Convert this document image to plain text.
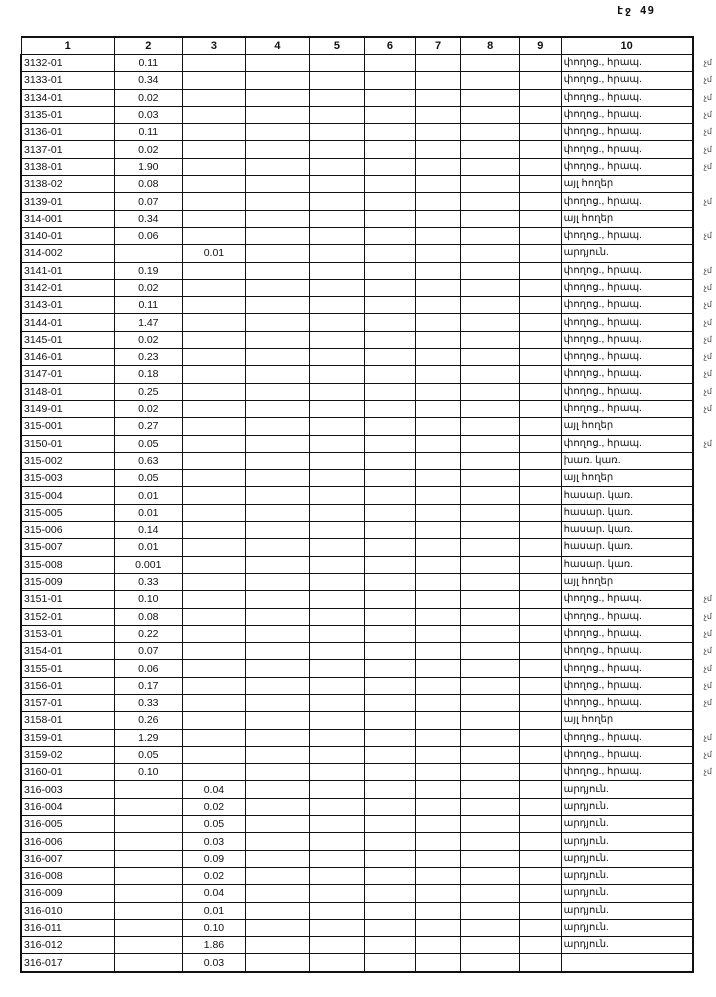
էջ 49
1	2	3	4	5	6	7	8	9	10	
3132-01	0.11								փողոց., հրապ.	չմ
3133-01	0.34								փողոց., հրապ.	չմ
3134-01	0.02								փողոց., հրապ.	չմ
3135-01	0.03								փողոց., հրապ.	չմ
3136-01	0.11								փողոց., հրապ.	չմ
3137-01	0.02								փողոց., հրապ.	չմ
3138-01	1.90								փողոց., հրապ.	չմ
3138-02	0.08								այլ հողեր	
3139-01	0.07								փողոց., հրապ.	չմ
314-001	0.34								այլ հողեր	
3140-01	0.06								փողոց., հրապ.	չմ
314-002		0.01							արդյուն.	
3141-01	0.19								փողոց., հրապ.	չմ
3142-01	0.02								փողոց., հրապ.	չմ
3143-01	0.11								փողոց., հրապ.	չմ
3144-01	1.47								փողոց., հրապ.	չմ
3145-01	0.02								փողոց., հրապ.	չմ
3146-01	0.23								փողոց., հրապ.	չմ
3147-01	0.18								փողոց., հրապ.	չմ
3148-01	0.25								փողոց., հրապ.	չմ
3149-01	0.02								փողոց., հրապ.	չմ
315-001	0.27								այլ հողեր	
3150-01	0.05								փողոց., հրապ.	չմ
315-002	0.63								խառ. կառ.	
315-003	0.05								այլ հողեր	
315-004	0.01								հասար. կառ.	
315-005	0.01								հասար. կառ.	
315-006	0.14								հասար. կառ.	
315-007	0.01								հասար. կառ.	
315-008	0.001								հասար. կառ.	
315-009	0.33								այլ հողեր	
3151-01	0.10								փողոց., հրապ.	չմ
3152-01	0.08								փողոց., հրապ.	չմ
3153-01	0.22								փողոց., հրապ.	չմ
3154-01	0.07								փողոց., հրապ.	չմ
3155-01	0.06								փողոց., հրապ.	չմ
3156-01	0.17								փողոց., հրապ.	չմ
3157-01	0.33								փողոց., հրապ.	չմ
3158-01	0.26								այլ հողեր	
3159-01	1.29								փողոց., հրապ.	չմ
3159-02	0.05								փողոց., հրապ.	չմ
3160-01	0.10								փողոց., հրապ.	չմ
316-003		0.04							արդյուն.	
316-004		0.02							արդյուն.	
316-005		0.05							արդյուն.	
316-006		0.03							արդյուն.	
316-007		0.09							արդյուն.	
316-008		0.02							արդյուն.	
316-009		0.04							արդյուն.	
316-010		0.01							արդյուն.	
316-011		0.10							արդյուն.	
316-012		1.86							արդյուն.	
316-017		0.03								
